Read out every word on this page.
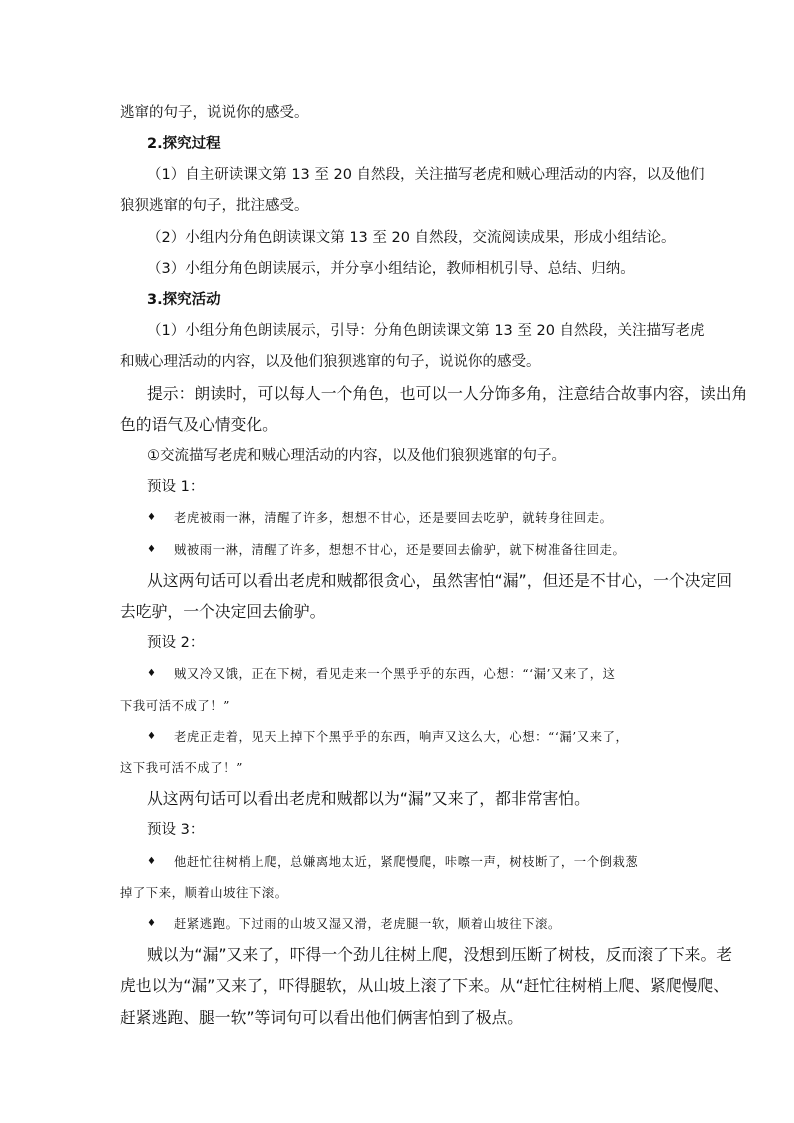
逃窜的句子，说说你的感受。
2.探究过程
（1）自主研读课文第 13 至 20 自然段，关注描写老虎和贼心理活动的内容，以及他们
狼狈逃窜的句子，批注感受。
（2）小组内分角色朗读课文第 13 至 20 自然段，交流阅读成果，形成小组结论。
（3）小组分角色朗读展示，并分享小组结论，教师相机引导、总结、归纳。
3.探究活动
（1）小组分角色朗读展示，引导：分角色朗读课文第 13 至 20 自然段，关注描写老虎
和贼心理活动的内容，以及他们狼狈逃窜的句子，说说你的感受。
提示：朗读时，可以每人一个角色，也可以一人分饰多角，注意结合故事内容，读出角
色的语气及心情变化。
①交流描写老虎和贼心理活动的内容，以及他们狼狈逃窜的句子。
预设 1：
♦ 老虎被雨一淋，清醒了许多，想想不甘心，还是要回去吃驴，就转身往回走。
♦ 贼被雨一淋，清醒了许多，想想不甘心，还是要回去偷驴，就下树准备往回走。
从这两句话可以看出老虎和贼都很贪心，虽然害怕“漏”，但还是不甘心，一个决定回
去吃驴，一个决定回去偷驴。
预设 2：
♦ 贼又冷又饿，正在下树，看见走来一个黑乎乎的东西，心想：“‘漏’又来了，这
下我可活不成了！”
♦ 老虎正走着，见天上掉下个黑乎乎的东西，响声又这么大，心想：“‘漏’又来了，
这下我可活不成了！”
从这两句话可以看出老虎和贼都以为“漏”又来了，都非常害怕。
预设 3：
♦ 他赶忙往树梢上爬，总嫌离地太近，紧爬慢爬，咔嚓一声，树枝断了，一个倒栽葱
掉了下来，顺着山坡往下滚。
♦ 赶紧逃跑。下过雨的山坡又湿又滑，老虎腿一软，顺着山坡往下滚。
贼以为“漏”又来了，吓得一个劲儿往树上爬，没想到压断了树枝，反而滚了下来。老
虎也以为“漏”又来了，吓得腿软，从山坡上滚了下来。从“赶忙往树梢上爬、紧爬慢爬、
赶紧逃跑、腿一软”等词句可以看出他们俩害怕到了极点。
